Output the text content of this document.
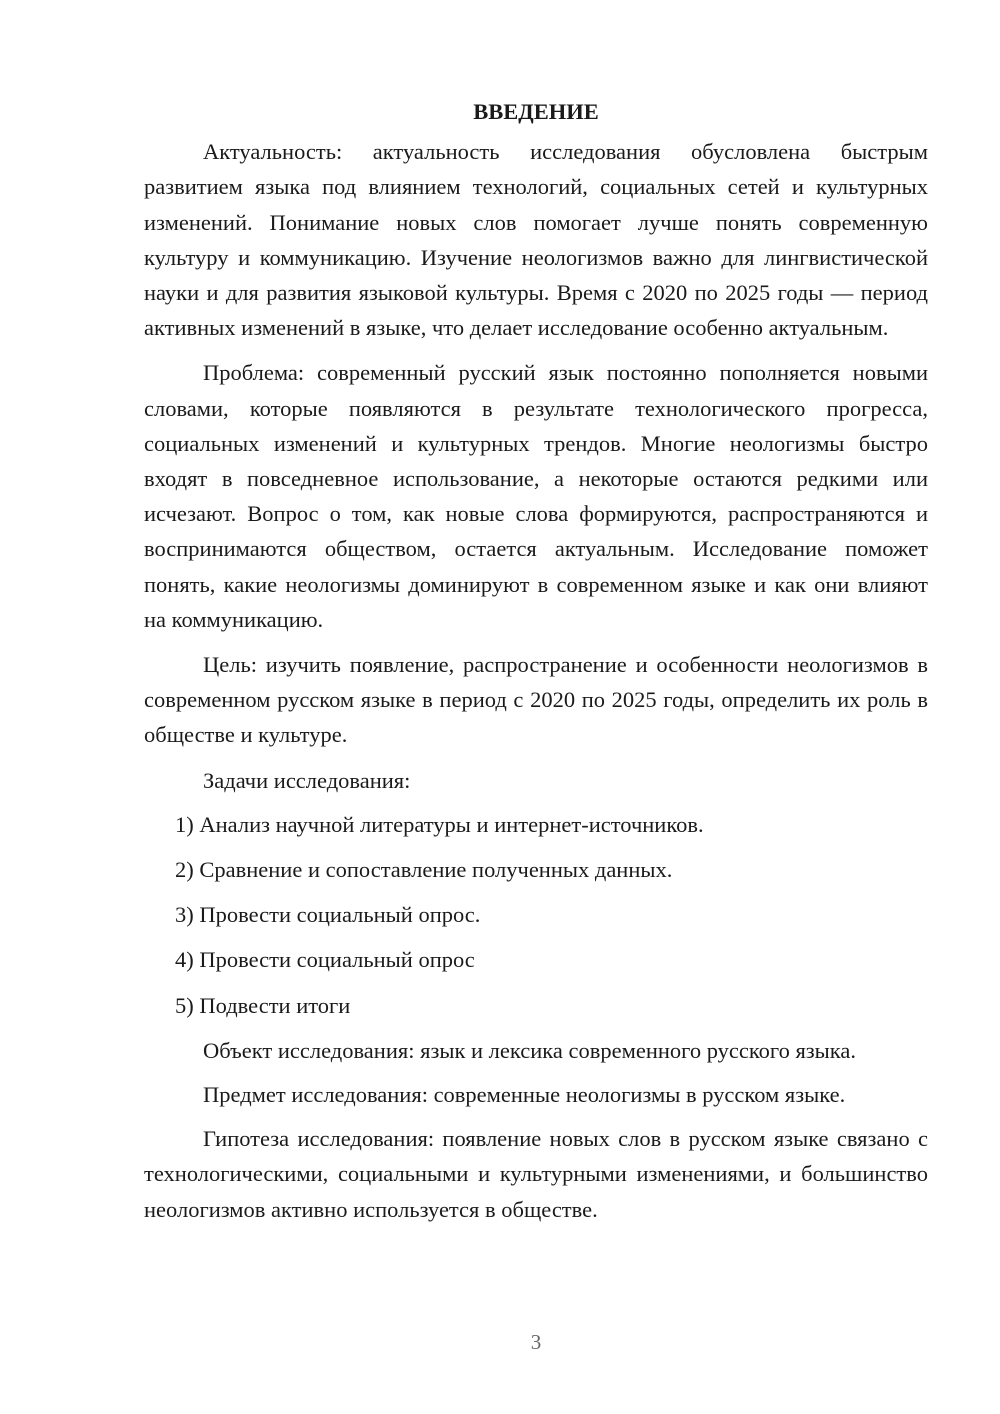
ВВЕДЕНИЕ

Актуальность: актуальность исследования обусловлена быстрым развитием языка под влиянием технологий, социальных сетей и культурных изменений. Понимание новых слов помогает лучше понять современную культуру и коммуникацию. Изучение неологизмов важно для лингвистической науки и для развития языковой культуры. Время с 2020 по 2025 годы — период активных изменений в языке, что делает исследование особенно актуальным.

Проблема: современный русский язык постоянно пополняется новыми словами, которые появляются в результате технологического прогресса, социальных изменений и культурных трендов. Многие неологизмы быстро входят в повседневное использование, а некоторые остаются редкими или исчезают. Вопрос о том, как новые слова формируются, распространяются и воспринимаются обществом, остается актуальным. Исследование поможет понять, какие неологизмы доминируют в современном языке и как они влияют на коммуникацию.

Цель: изучить появление, распространение и особенности неологизмов в современном русском языке в период с 2020 по 2025 годы, определить их роль в обществе и культуре.

Задачи исследования:

1) Анализ научной литературы и интернет-источников.

2) Сравнение и сопоставление полученных данных.

3) Провести социальный опрос.

4) Провести социальный опрос

5) Подвести итоги

Объект исследования: язык и лексика современного русского языка.

Предмет исследования: современные неологизмы в русском языке.

Гипотеза исследования: появление новых слов в русском языке связано с технологическими, социальными и культурными изменениями, и большинство неологизмов активно используется в обществе.

3
